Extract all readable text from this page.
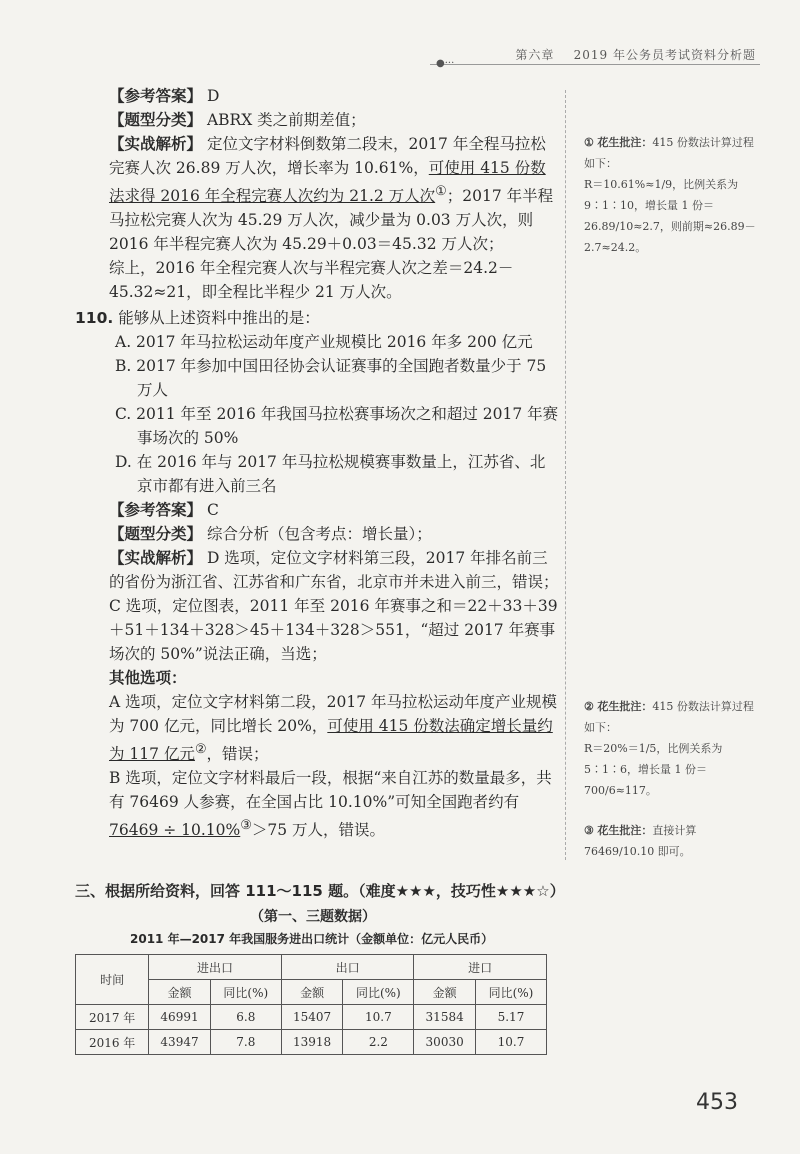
第六章 2019 年公务员考试资料分析题
●···

【参考答案】 D

【题型分类】 ABRX 类之前期差值；

【实战解析】 定位文字材料倒数第二段末，2017 年全程马拉松完赛人次 26.89 万人次，增长率为 10.61%，可使用 415 份数法求得 2016 年全程完赛人次约为 21.2 万人次①；2017 年半程马拉松完赛人次为 45.29 万人次，减少量为 0.03 万人次，则 2016 年半程完赛人次为 45.29＋0.03＝45.32 万人次；

综上，2016 年全程完赛人次与半程完赛人次之差＝24.2－45.32≈21，即全程比半程少 21 万人次。

110. 能够从上述资料中推出的是：

A. 2017 年马拉松运动年度产业规模比 2016 年多 200 亿元

B. 2017 年参加中国田径协会认证赛事的全国跑者数量少于 75 万人

C. 2011 年至 2016 年我国马拉松赛事场次之和超过 2017 年赛事场次的 50%

D. 在 2016 年与 2017 年马拉松规模赛事数量上，江苏省、北京市都有进入前三名

【参考答案】 C

【题型分类】 综合分析（包含考点：增长量）；

【实战解析】 D 选项，定位文字材料第三段，2017 年排名前三的省份为浙江省、江苏省和广东省，北京市并未进入前三，错误；

C 选项，定位图表，2011 年至 2016 年赛事之和＝22＋33＋39＋51＋134＋328＞45＋134＋328＞551，“超过 2017 年赛事场次的 50%”说法正确，当选；

其他选项：

A 选项，定位文字材料第二段，2017 年马拉松运动年度产业规模为 700 亿元，同比增长 20%，可使用 415 份数法确定增长量约为 117 亿元②，错误；

B 选项，定位文字材料最后一段，根据“来自江苏的数量最多，共有 76469 人参赛，在全国占比 10.10%”可知全国跑者约有76469 ÷ 10.10%③＞75 万人，错误。

① 花生批注：415 份数法计算过程如下：
R＝10.61%≈1/9，比例关系为 9∶1∶10，增长量 1 份＝
26.89/10≈2.7，则前期≈26.89－2.7≈24.2。
② 花生批注：415 份数法计算过程如下：
R＝20%＝1/5，比例关系为 5∶1∶6，增长量 1 份＝700/6≈117。
③ 花生批注：直接计算 76469/10.10 即可。
三、根据所给资料，回答 111～115 题。（难度★★★，技巧性★★★☆）
（第一、三题数据）
2011 年—2017 年我国服务进出口统计（金额单位：亿元人民币）
时间	进出口		出口		进口	
	金额	同比(%)	金额	同比(%)	金额	同比(%)
2017 年	46991	6.8	15407	10.7	31584	5.17
2016 年	43947	7.8	13918	2.2	30030	10.7
453
